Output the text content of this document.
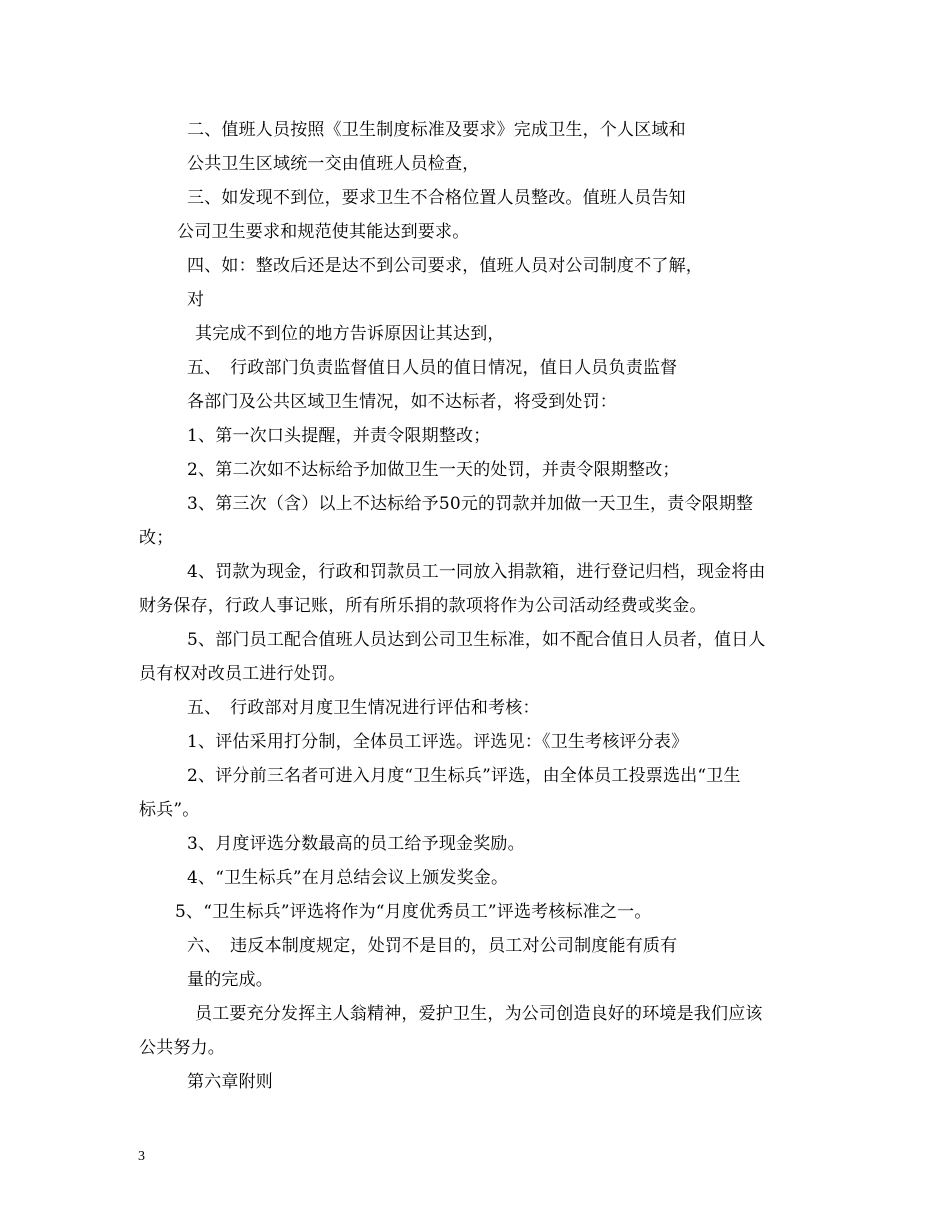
二、值班人员按照《卫生制度标准及要求》完成卫生，个人区域和
公共卫生区域统一交由值班人员检查，
三、如发现不到位，要求卫生不合格位置人员整改。值班人员告知
公司卫生要求和规范使其能达到要求。
四、如：整改后还是达不到公司要求，值班人员对公司制度不了解，
对
其完成不到位的地方告诉原因让其达到，
五、　行政部门负责监督值日人员的值日情况，值日人员负责监督
各部门及公共区域卫生情况，如不达标者，将受到处罚：
1、第一次口头提醒，并责令限期整改；
2、第二次如不达标给予加做卫生一天的处罚，并责令限期整改；
3、第三次（含）以上不达标给予50元的罚款并加做一天卫生，责令限期整
改；
4、罚款为现金，行政和罚款员工一同放入捐款箱，进行登记归档，现金将由
财务保存，行政人事记账，所有所乐捐的款项将作为公司活动经费或奖金。
5、部门员工配合值班人员达到公司卫生标准，如不配合值日人员者，值日人
员有权对改员工进行处罚。
五、　行政部对月度卫生情况进行评估和考核：
1、评估采用打分制，全体员工评选。评选见：《卫生考核评分表》
2、评分前三名者可进入月度“卫生标兵”评选，由全体员工投票选出“卫生
标兵”。
3、月度评选分数最高的员工给予现金奖励。
4、“卫生标兵”在月总结会议上颁发奖金。
5、“卫生标兵”评选将作为“月度优秀员工”评选考核标准之一。
六、　违反本制度规定，处罚不是目的，员工对公司制度能有质有
量的完成。
员工要充分发挥主人翁精神，爱护卫生，为公司创造良好的环境是我们应该
公共努力。
第六章附则
3
